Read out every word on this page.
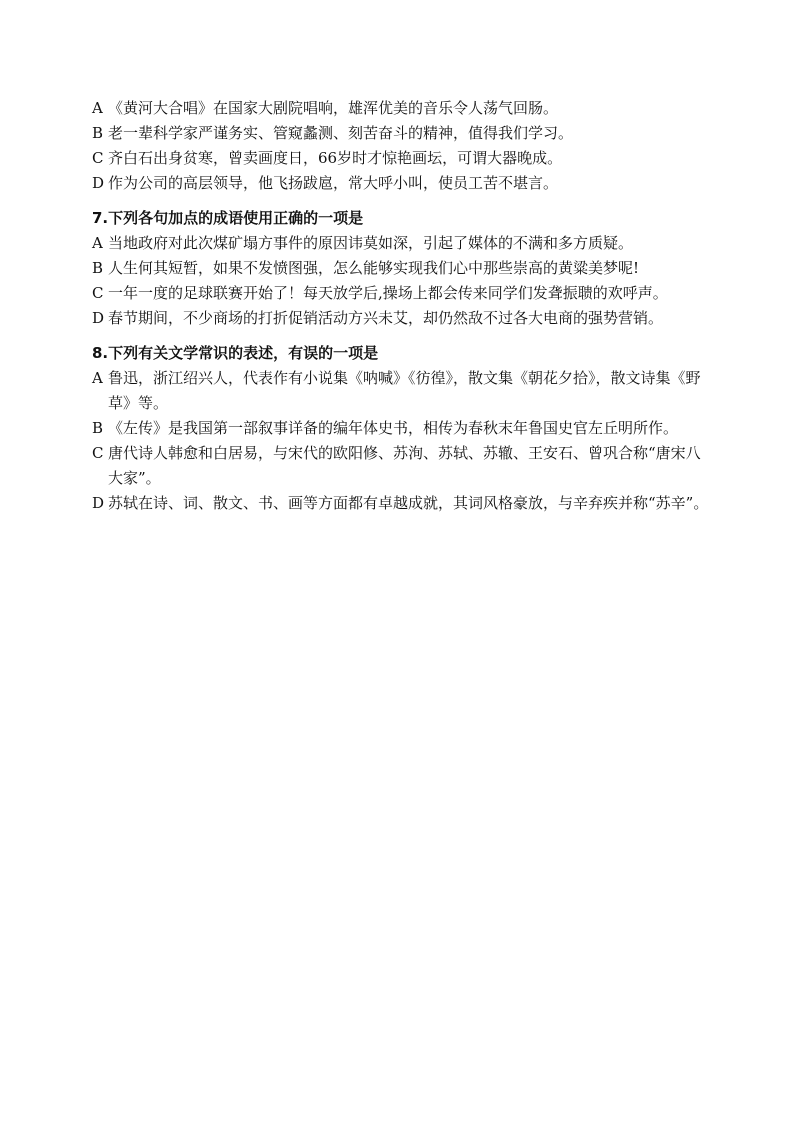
A 《黄河大合唱》在国家大剧院唱响，雄浑优美的音乐令人荡气回肠。
B 老一辈科学家严谨务实、管窥蠡测、刻苦奋斗的精神，值得我们学习。
C 齐白石出身贫寒，曾卖画度日，66岁时才惊艳画坛，可谓大器晚成。
D 作为公司的高层领导，他飞扬跋扈，常大呼小叫，使员工苦不堪言。
7.下列各句加点的成语使用正确的一项是
A 当地政府对此次煤矿塌方事件的原因讳莫如深，引起了媒体的不满和多方质疑。
B 人生何其短暂，如果不发愤图强，怎么能够实现我们心中那些崇高的黄粱美梦呢!
C 一年一度的足球联赛开始了！每天放学后,操场上都会传来同学们发聋振聩的欢呼声。
D 春节期间，不少商场的打折促销活动方兴未艾，却仍然敌不过各大电商的强势营销。
8.下列有关文学常识的表述，有误的一项是
A 鲁迅，浙江绍兴人，代表作有小说集《呐喊》《彷徨》，散文集《朝花夕拾》，散文诗集《野草》等。
B 《左传》是我国第一部叙事详备的编年体史书，相传为春秋末年鲁国史官左丘明所作。
C 唐代诗人韩愈和白居易，与宋代的欧阳修、苏洵、苏轼、苏辙、王安石、曾巩合称“唐宋八大家”。
D 苏轼在诗、词、散文、书、画等方面都有卓越成就，其词风格豪放，与辛弃疾并称“苏辛”。
